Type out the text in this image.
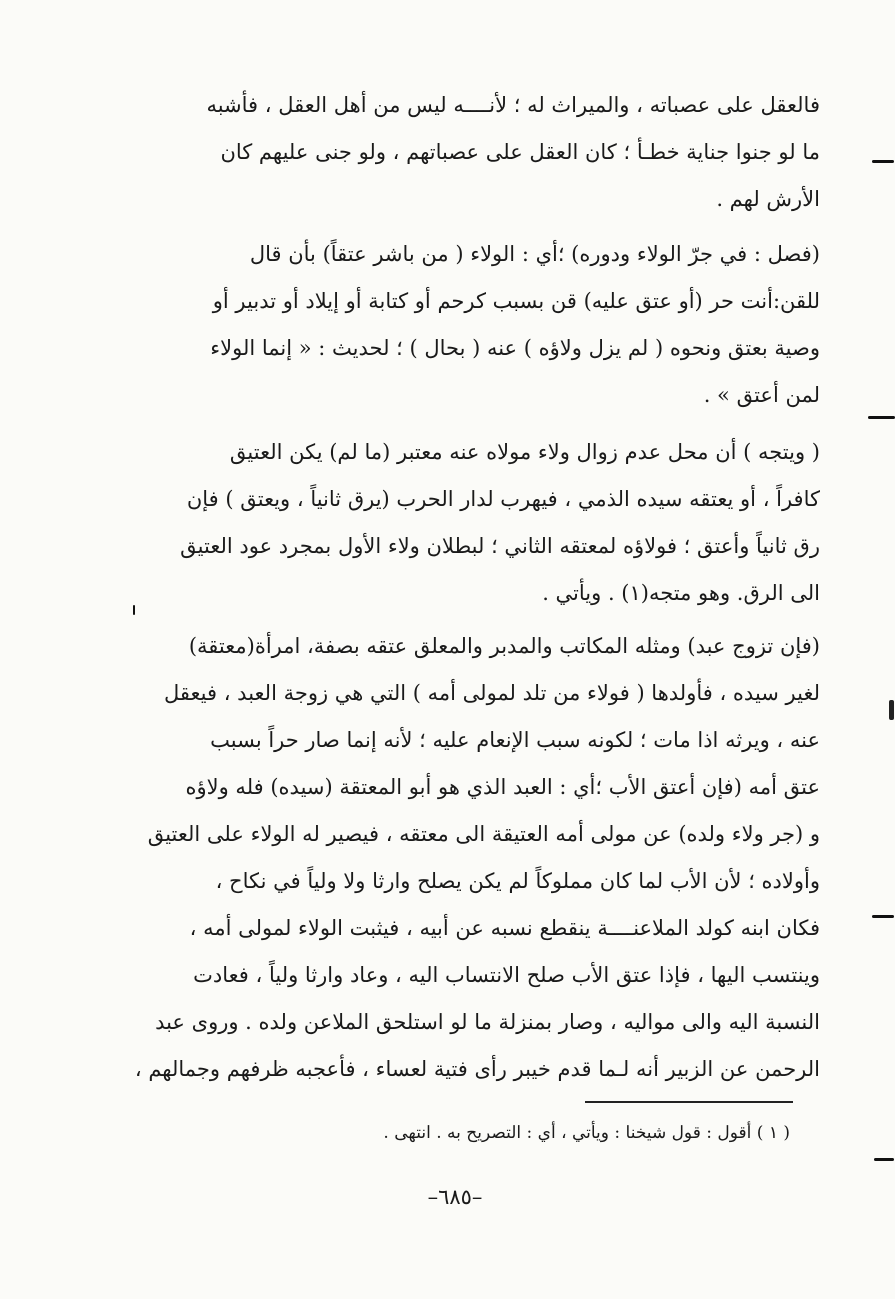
فالعقل على عصباته ، والميراث له ؛ لأنــــه ليس من أهل العقل ، فأشبه
ما لو جنوا جناية خطـأ ؛ كان العقل على عصباتهم ، ولو جنى عليهم كان
الأرش لهم .
(فصل : في جرّ الولاء ودوره) ؛أي : الولاء ( من باشر عتقاً) بأن قال
للقن:أنت حر (أو عتق عليه) قن بسبب كرحم أو كتابة أو إيلاد أو تدبير أو
وصية بعتق ونحوه ( لم يزل ولاؤه ) عنه ( بحال ) ؛ لحديث : « إنما الولاء
لمن أعتق » .
( ويتجه ) أن محل عدم زوال ولاء مولاه عنه معتبر (ما لم) يكن العتيق
كافراً ، أو يعتقه سيده الذمي ، فيهرب لدار الحرب (يرق ثانياً ، ويعتق ) فإن
رق ثانياً وأعتق ؛ فولاؤه لمعتقه الثاني ؛ لبطلان ولاء الأول بمجرد عود العتيق
الى الرق. وهو متجه(١) . ويأتي .
(فإن تزوج عبد) ومثله المكاتب والمدبر والمعلق عتقه بصفة، امرأة(معتقة)
لغير سيده ، فأولدها ( فولاء من تلد لمولى أمه ) التي هي زوجة العبد ، فيعقل
عنه ، ويرثه اذا مات ؛ لكونه سبب الإنعام عليه ؛ لأنه إنما صار حراً بسبب
عتق أمه (فإن أعتق الأب ؛أي : العبد الذي هو أبو المعتقة (سيده) فله ولاؤه
و (جر ولاء ولده) عن مولى أمه العتيقة الى معتقه ، فيصير له الولاء على العتيق
وأولاده ؛ لأن الأب لما كان مملوكاً لم يكن يصلح وارثا ولا ولياً في نكاح ،
فكان ابنه كولد الملاعنــــة ينقطع نسبه عن أبيه ، فيثبت الولاء لمولى أمه ،
وينتسب اليها ، فإذا عتق الأب صلح الانتساب اليه ، وعاد وارثا ولياً ، فعادت
النسبة اليه والى مواليه ، وصار بمنزلة ما لو استلحق الملاعن ولده . وروى عبد
الرحمن عن الزبير أنه لـما قدم خيبر رأى فتية لعساء ، فأعجبه ظرفهم وجمالهم ،
( ١ ) أقول : قول شيخنا : ويأتي ، أي : التصريح به . انتهى .
–٦٨٥–
